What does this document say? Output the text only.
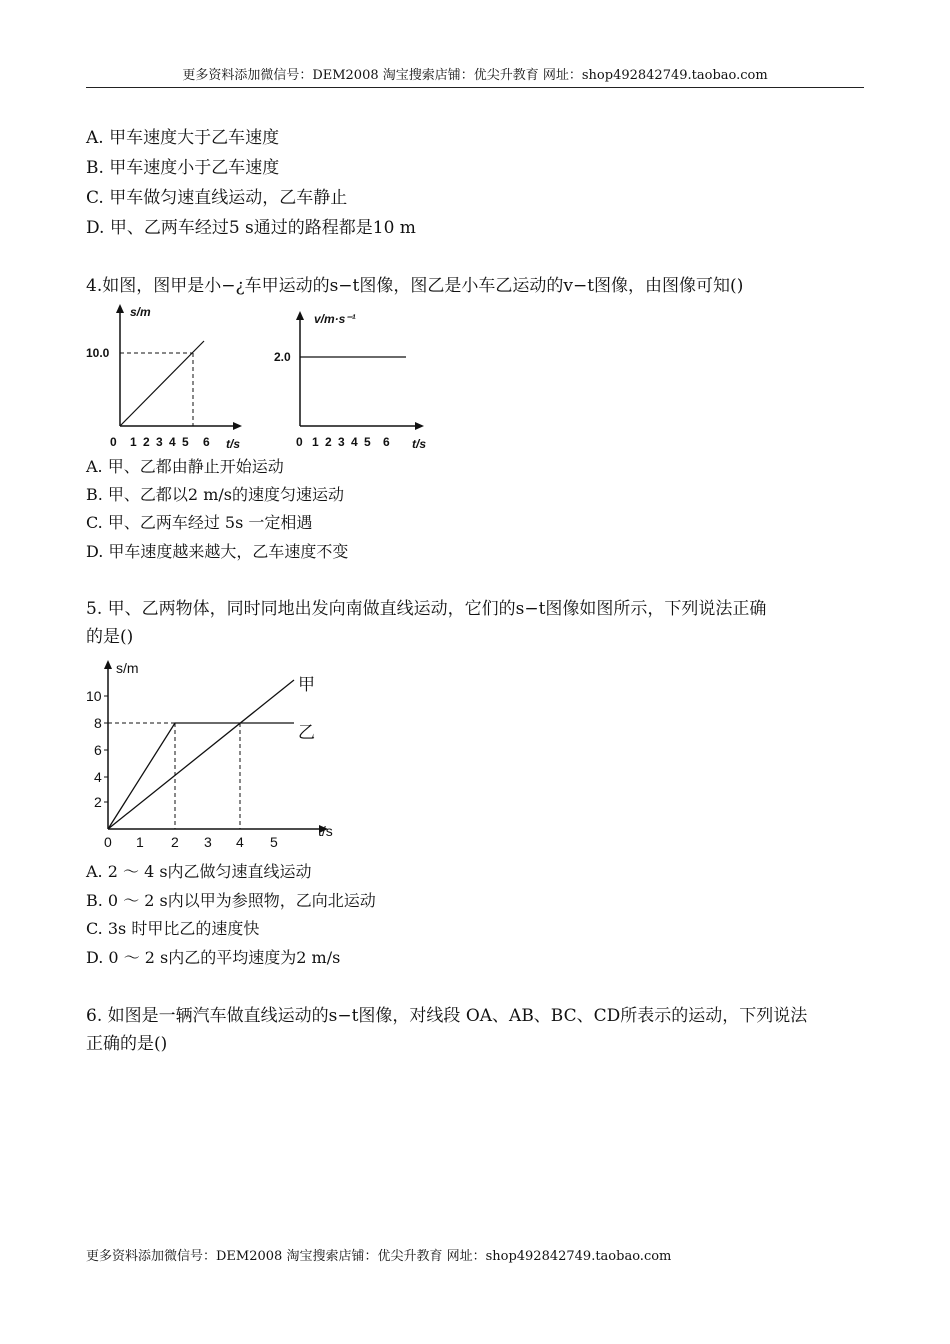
更多资料添加微信号：DEM2008 淘宝搜索店铺：优尖升教育 网址：shop492842749.taobao.com
A. 甲车速度大于乙车速度
B. 甲车速度小于乙车速度
C. 甲车做匀速直线运动，乙车静止
D. 甲、乙两车经过5 s通过的路程都是10 m
4.如图，图甲是小−¿车甲运动的s−t图像，图乙是小车乙运动的v−t图像，由图像可知()
s/m
10.0
0 1 2 3 4 5 6 t/s
v/m·s⁻¹
2.0
0 1 2 3 4 5 6 t/s
A. 甲、乙都由静止开始运动
B. 甲、乙都以2 m/s的速度匀速运动
C. 甲、乙两车经过 5s 一定相遇
D. 甲车速度越来越大，乙车速度不变
5. 甲、乙两物体，同时同地出发向南做直线运动，它们的s−t图像如图所示，下列说法正确
的是()
s/m
2
4
6
8
10
0 1 2 3 4 5
t/s
甲
乙
A. 2 ～ 4 s内乙做匀速直线运动
B. 0 ～ 2 s内以甲为参照物，乙向北运动
C. 3s 时甲比乙的速度快
D. 0 ～ 2 s内乙的平均速度为2 m/s
6. 如图是一辆汽车做直线运动的s−t图像，对线段 OA、AB、BC、CD所表示的运动，下列说法
正确的是()
更多资料添加微信号：DEM2008 淘宝搜索店铺：优尖升教育 网址：shop492842749.taobao.com
